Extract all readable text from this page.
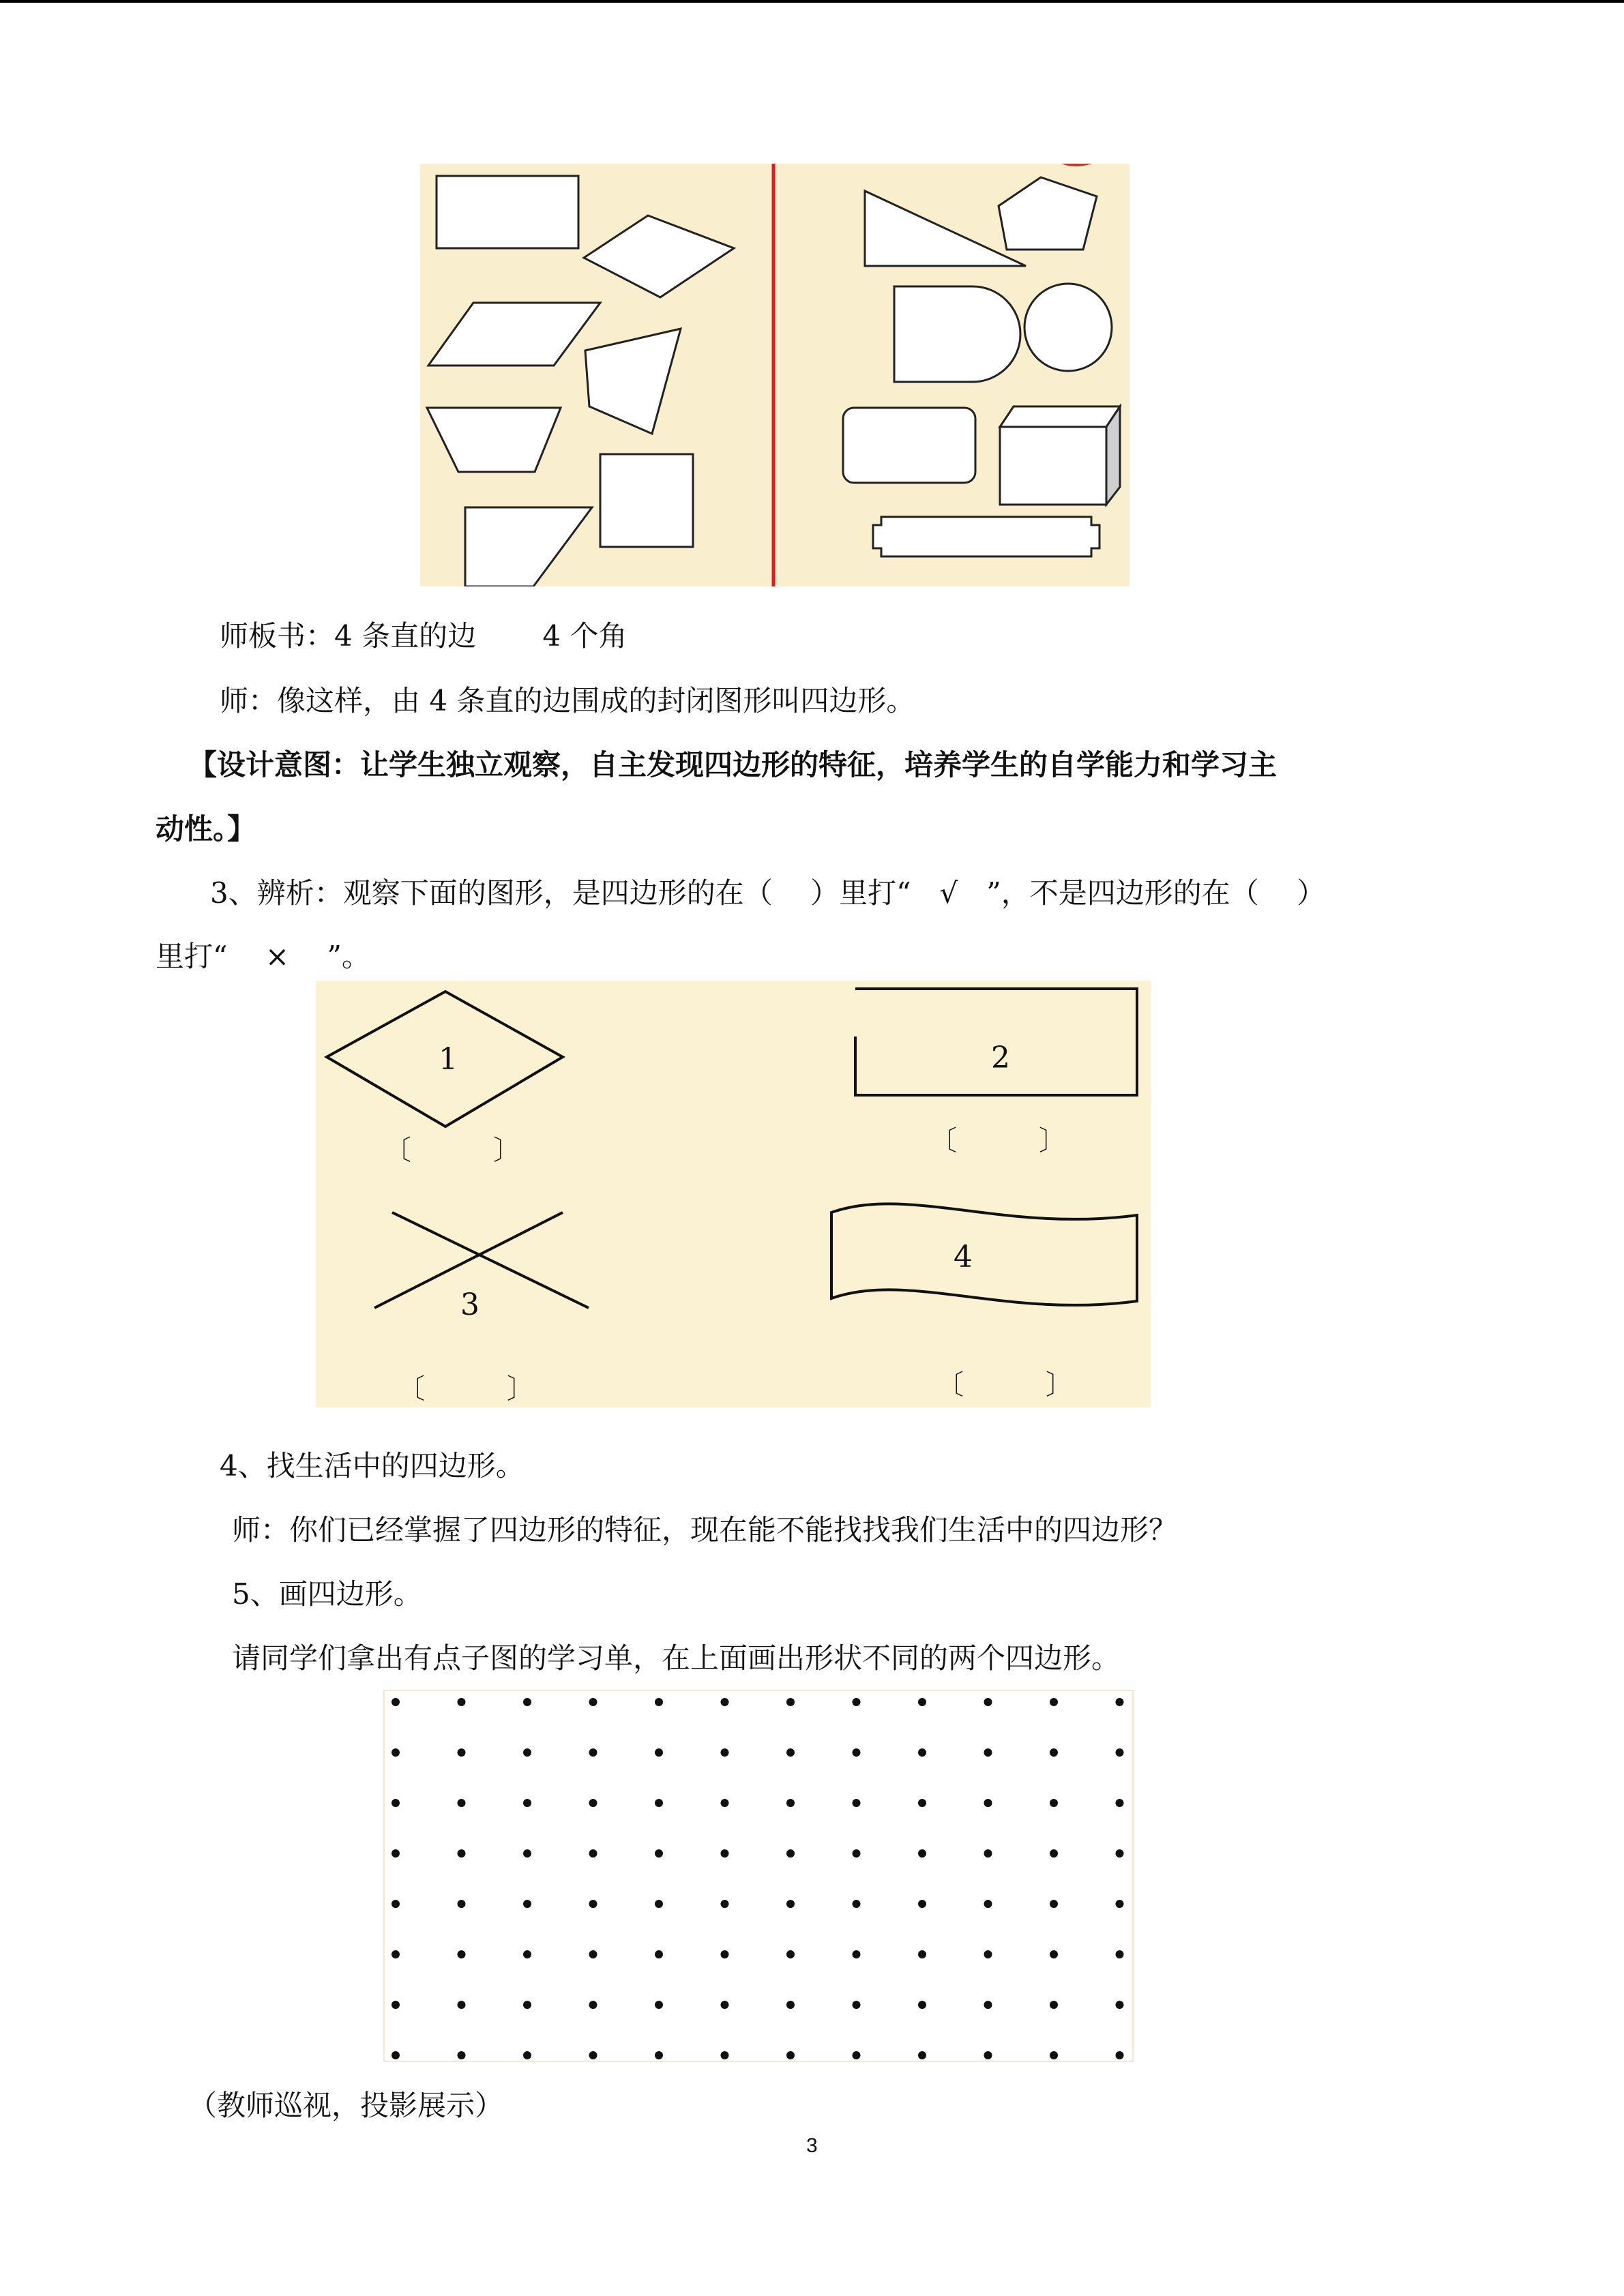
师板书：4 条直的边 　　4 个角

师：像这样，由 4 条直的边围成的封闭图形叫四边形。

【设计意图：让学生独立观察，自主发现四边形的特征，培养学生的自学能力和学习主

动性。】

3、辨析：观察下面的图形，是四边形的在（　 ）里打“　√　”，不是四边形的在（　 ）

里打“　 ×　 ”。

1	2
3
4
〔　　　〕	〔　　　〕
〔　　　〕	〔　　　〕

4、找生活中的四边形。

师：你们已经掌握了四边形的特征，现在能不能找找我们生活中的四边形？

5、画四边形。

请同学们拿出有点子图的学习单，在上面画出形状不同的两个四边形。

（教师巡视，投影展示）

3
